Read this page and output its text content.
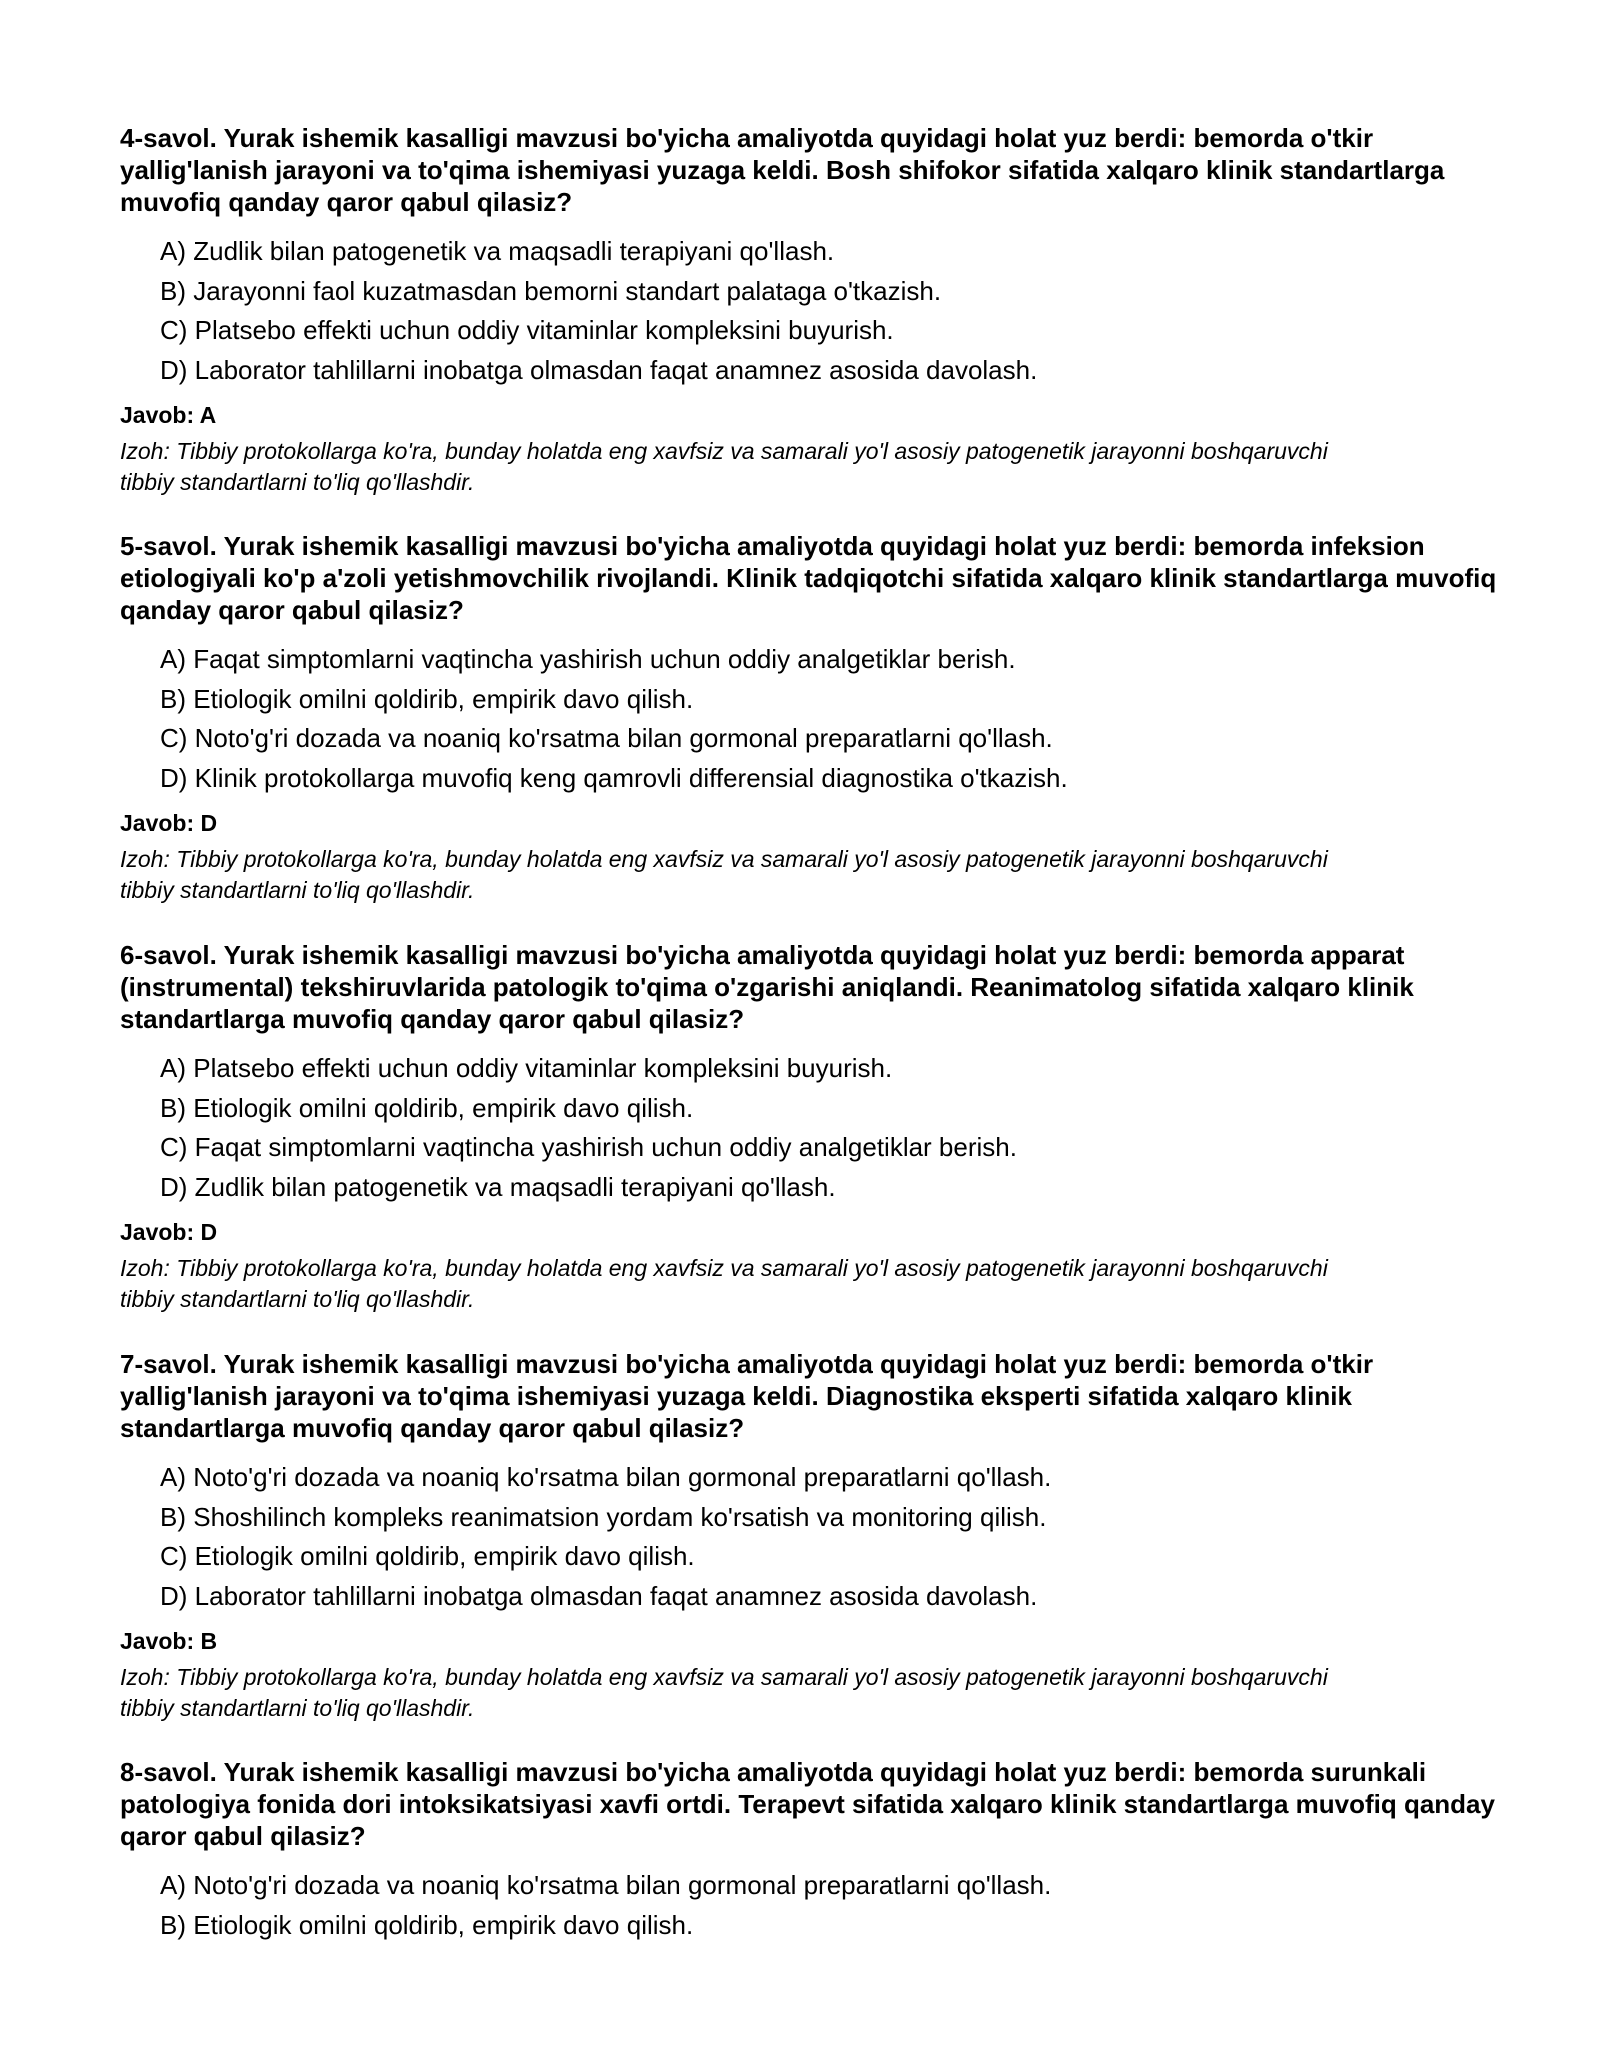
4-savol. Yurak ishemik kasalligi mavzusi bo'yicha amaliyotda quyidagi holat yuz berdi: bemorda o'tkir yallig'lanish jarayoni va to'qima ishemiyasi yuzaga keldi. Bosh shifokor sifatida xalqaro klinik standartlarga muvofiq qanday qaror qabul qilasiz?

A) Zudlik bilan patogenetik va maqsadli terapiyani qo'llash.
B) Jarayonni faol kuzatmasdan bemorni standart palataga o'tkazish.
C) Platsebo effekti uchun oddiy vitaminlar kompleksini buyurish.
D) Laborator tahlillarni inobatga olmasdan faqat anamnez asosida davolash.
Javob: A
Izoh: Tibbiy protokollarga ko'ra, bunday holatda eng xavfsiz va samarali yo'l asosiy patogenetik jarayonni boshqaruvchi tibbiy standartlarni to'liq qo'llashdir.

5-savol. Yurak ishemik kasalligi mavzusi bo'yicha amaliyotda quyidagi holat yuz berdi: bemorda infeksion etiologiyali ko'p a'zoli yetishmovchilik rivojlandi. Klinik tadqiqotchi sifatida xalqaro klinik standartlarga muvofiq qanday qaror qabul qilasiz?

A) Faqat simptomlarni vaqtincha yashirish uchun oddiy analgetiklar berish.
B) Etiologik omilni qoldirib, empirik davo qilish.
C) Noto'g'ri dozada va noaniq ko'rsatma bilan gormonal preparatlarni qo'llash.
D) Klinik protokollarga muvofiq keng qamrovli differensial diagnostika o'tkazish.
Javob: D
Izoh: Tibbiy protokollarga ko'ra, bunday holatda eng xavfsiz va samarali yo'l asosiy patogenetik jarayonni boshqaruvchi tibbiy standartlarni to'liq qo'llashdir.

6-savol. Yurak ishemik kasalligi mavzusi bo'yicha amaliyotda quyidagi holat yuz berdi: bemorda apparat (instrumental) tekshiruvlarida patologik to'qima o'zgarishi aniqlandi. Reanimatolog sifatida xalqaro klinik standartlarga muvofiq qanday qaror qabul qilasiz?

A) Platsebo effekti uchun oddiy vitaminlar kompleksini buyurish.
B) Etiologik omilni qoldirib, empirik davo qilish.
C) Faqat simptomlarni vaqtincha yashirish uchun oddiy analgetiklar berish.
D) Zudlik bilan patogenetik va maqsadli terapiyani qo'llash.
Javob: D
Izoh: Tibbiy protokollarga ko'ra, bunday holatda eng xavfsiz va samarali yo'l asosiy patogenetik jarayonni boshqaruvchi tibbiy standartlarni to'liq qo'llashdir.

7-savol. Yurak ishemik kasalligi mavzusi bo'yicha amaliyotda quyidagi holat yuz berdi: bemorda o'tkir yallig'lanish jarayoni va to'qima ishemiyasi yuzaga keldi. Diagnostika eksperti sifatida xalqaro klinik standartlarga muvofiq qanday qaror qabul qilasiz?

A) Noto'g'ri dozada va noaniq ko'rsatma bilan gormonal preparatlarni qo'llash.
B) Shoshilinch kompleks reanimatsion yordam ko'rsatish va monitoring qilish.
C) Etiologik omilni qoldirib, empirik davo qilish.
D) Laborator tahlillarni inobatga olmasdan faqat anamnez asosida davolash.
Javob: B
Izoh: Tibbiy protokollarga ko'ra, bunday holatda eng xavfsiz va samarali yo'l asosiy patogenetik jarayonni boshqaruvchi tibbiy standartlarni to'liq qo'llashdir.

8-savol. Yurak ishemik kasalligi mavzusi bo'yicha amaliyotda quyidagi holat yuz berdi: bemorda surunkali patologiya fonida dori intoksikatsiyasi xavfi ortdi. Terapevt sifatida xalqaro klinik standartlarga muvofiq qanday qaror qabul qilasiz?

A) Noto'g'ri dozada va noaniq ko'rsatma bilan gormonal preparatlarni qo'llash.
B) Etiologik omilni qoldirib, empirik davo qilish.
